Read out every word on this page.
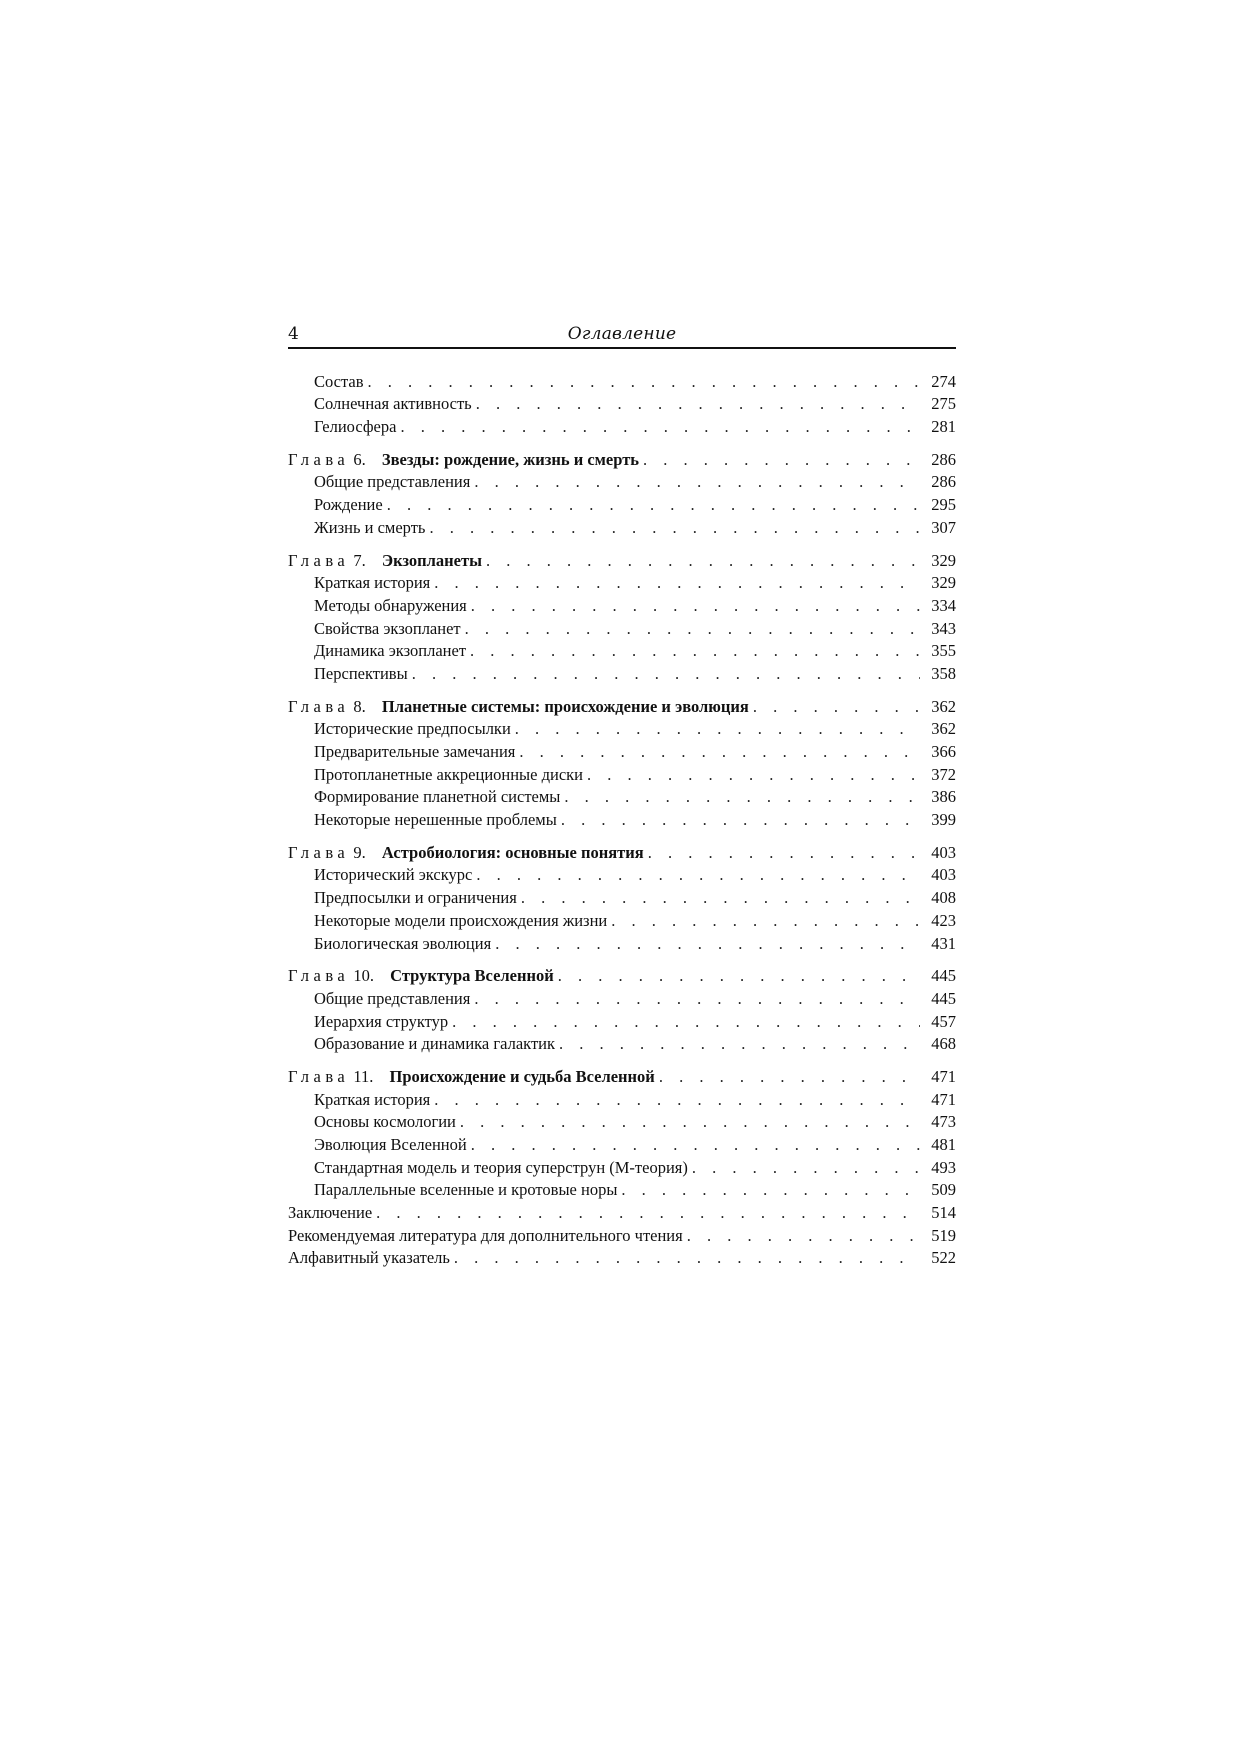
4	Оглавление
Состав . . .	274
Солнечная активность . . .	275
Гелиосфера . . .	281
Глава 6. Звезды: рождение, жизнь и смерть . . .	286
Общие представления . . .	286
Рождение . . .	295
Жизнь и смерть . . .	307
Глава 7. Экзопланеты . . .	329
Краткая история . . .	329
Методы обнаружения . . .	334
Свойства экзопланет . . .	343
Динамика экзопланет . . .	355
Перспективы . . .	358
Глава 8. Планетные системы: происхождение и эволюция . . .	362
Исторические предпосылки . . .	362
Предварительные замечания . . .	366
Протопланетные аккреционные диски . . .	372
Формирование планетной системы . . .	386
Некоторые нерешенные проблемы . . .	399
Глава 9. Астробиология: основные понятия . . .	403
Исторический экскурс . . .	403
Предпосылки и ограничения . . .	408
Некоторые модели происхождения жизни . . .	423
Биологическая эволюция . . .	431
Глава 10. Структура Вселенной . . .	445
Общие представления . . .	445
Иерархия структур . . .	457
Образование и динамика галактик . . .	468
Глава 11. Происхождение и судьба Вселенной . . .	471
Краткая история . . .	471
Основы космологии . . .	473
Эволюция Вселенной . . .	481
Стандартная модель и теория суперструн (М-теория) . . .	493
Параллельные вселенные и кротовые норы . . .	509
Заключение . . .	514
Рекомендуемая литература для дополнительного чтения . . .	519
Алфавитный указатель . . .	522
